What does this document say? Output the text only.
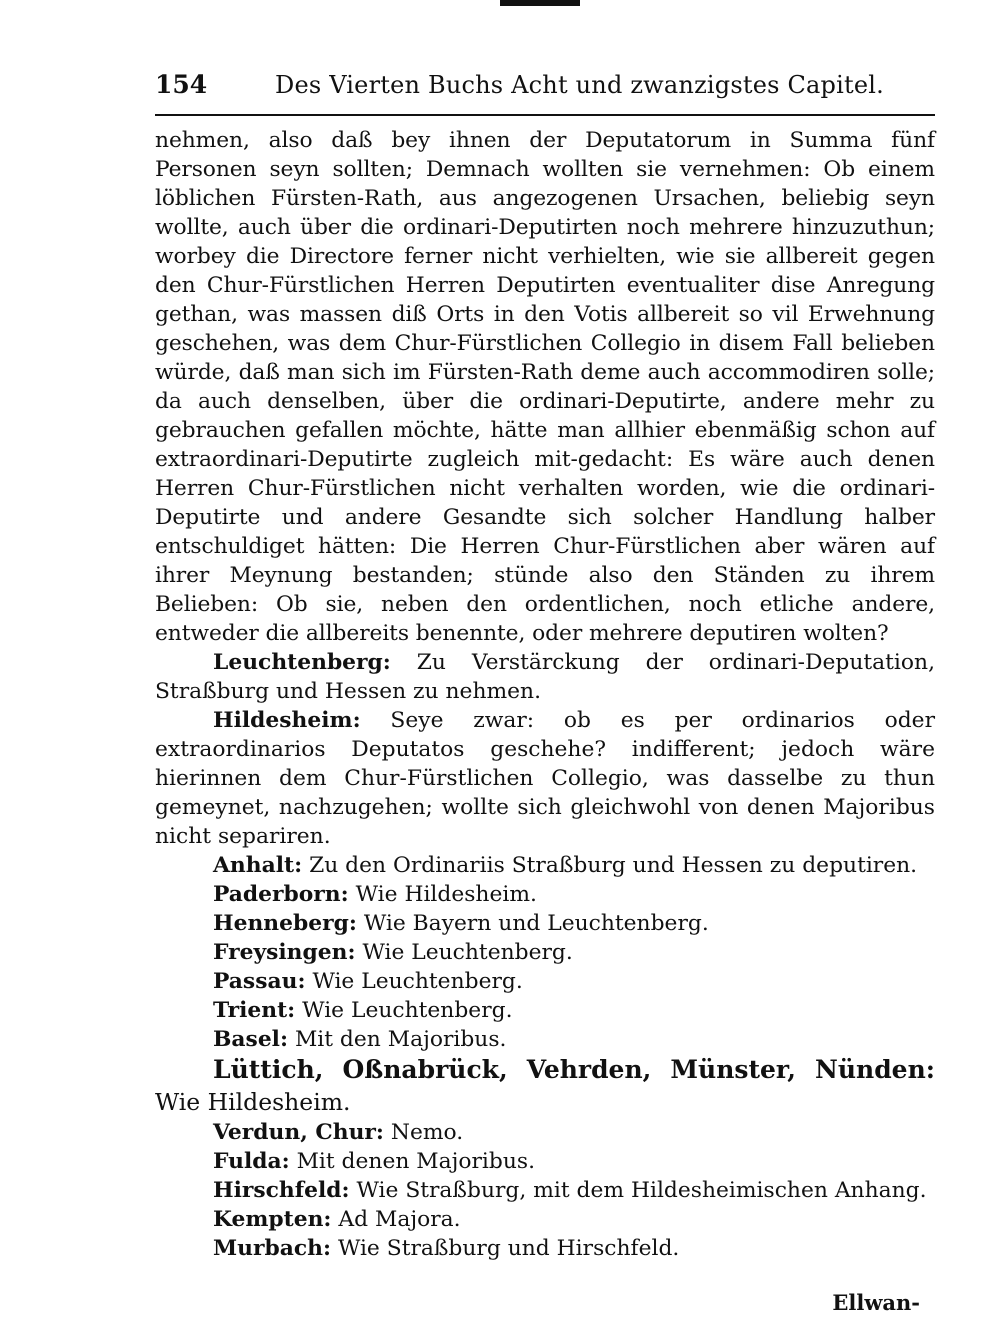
154	Des Vierten Buchs Acht und zwanzigstes Capitel.

nehmen, also daß bey ihnen der Deputatorum in Summa fünf Personen seyn sollten; Demnach wollten sie vernehmen: Ob einem löblichen Fürsten-Rath, aus angezogenen Ursachen, beliebig seyn wollte, auch über die ordinari-Deputirten noch mehrere hinzuzuthun; worbey die Directore ferner nicht verhielten, wie sie allbereit gegen den Chur-Fürstlichen Herren Deputirten eventualiter dise Anregung gethan, was massen diß Orts in den Votis allbereit so vil Erwehnung geschehen, was dem Chur-Fürstlichen Collegio in disem Fall belieben würde, daß man sich im Fürsten-Rath deme auch accommodiren solle; da auch denselben, über die ordinari-Deputirte, andere mehr zu gebrauchen gefallen möchte, hätte man allhier ebenmäßig schon auf extraordinari-Deputirte zugleich mit-gedacht: Es wäre auch denen Herren Chur-Fürstlichen nicht verhalten worden, wie die ordinari-Deputirte und andere Gesandte sich solcher Handlung halber entschuldiget hätten: Die Herren Chur-Fürstlichen aber wären auf ihrer Meynung bestanden; stünde also den Ständen zu ihrem Belieben: Ob sie, neben den ordentlichen, noch etliche andere, entweder die allbereits benennte, oder mehrere deputiren wolten?

Leuchtenberg: Zu Verstärckung der ordinari-Deputation, Straßburg und Hessen zu nehmen.

Hildesheim: Seye zwar: ob es per ordinarios oder extraordinarios Deputatos geschehe? indifferent; jedoch wäre hierinnen dem Chur-Fürstlichen Collegio, was dasselbe zu thun gemeynet, nachzugehen; wollte sich gleichwohl von denen Majoribus nicht separiren.

Anhalt: Zu den Ordinariis Straßburg und Hessen zu deputiren.

Paderborn: Wie Hildesheim.

Henneberg: Wie Bayern und Leuchtenberg.

Freysingen: Wie Leuchtenberg.

Passau: Wie Leuchtenberg.

Trient: Wie Leuchtenberg.

Basel: Mit den Majoribus.

Lüttich, Oßnabrück, Vehrden, Münster, Nünden: Wie Hildesheim.

Verdun, Chur: Nemo.

Fulda: Mit denen Majoribus.

Hirschfeld: Wie Straßburg, mit dem Hildesheimischen Anhang.

Kempten: Ad Majora.

Murbach: Wie Straßburg und Hirschfeld.

Ellwan-
